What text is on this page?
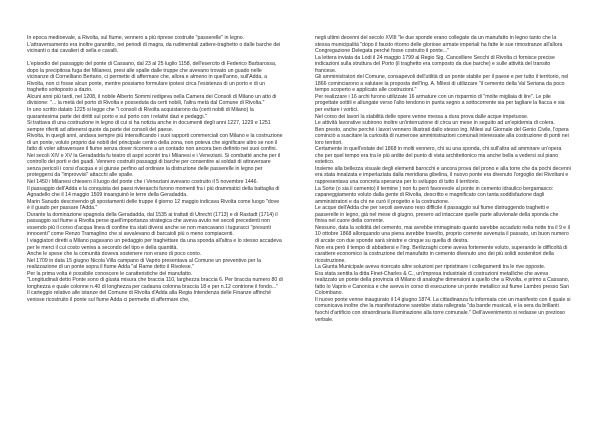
In epoca medioevale, a Rivolta, sul fiume, vennero a più riprese costruite "passerelle" in legno. L'attraversamento era inoltre garantito, nei periodi di magra, da rudimentali zattere-traghetto o dalle barche dei vicinanti o dai cavalieri di sella e cavalli.

L'episodio del passaggio del ponte di Cassano, dal 23 al 25 luglio 1158, dell'esercito di Federico Barbarossa, dopo la precipitosa fuga dei Milanesi, presi alle spalle dalle truppe che avevano trovato un guado nelle vicinanze di Cornelliano Bertario, ci permette di affermare che, allora e almeno in quell'anno, sull'Adda, a Rivolta, non ci fosse alcun ponte, mentre possiamo formulare ipotesi circa l'esistenza di un porto e di un traghetto sottoposto a dazio.

Alcuni anni più tardi, nel 1208, il nobile Alberto Sommi redigeva nella Camera dei Consoli di Milano un atto di divisione: "... la metà del porto di Rivolta e posseduta da certi nobili, l'altra metà dal Comune di Rivolta."

In uno scritto datato 1225 si legge che "i consoli di Rivolta acquistarono da (certi nobili di Milano) la quarantesima parte dei diritti sul porto e sul porto con i relativi dazi e pedaggi."

Si trattava di una costruzione in legno di cui si ha notizia anche in documenti degli anni 1227, 1229 e 1251 sempre riferiti ad attenersi quote da parte dei consoli del paese.

Rivolta, in quegli anni, andava sempre più intensificando i suoi rapporti commerciali con Milano e la costruzione di un ponte, voluto proprio dai nobili del principale centro della zona, non poteva che significare altro se non il fatto di voler attraversare il fiume senza dover ricorrere a un contado non ancora ben definito nei suoi confini.

Nei secoli XIV e XV la Geradadda fu teatro di aspri scontri tra i Milanesi e i Veneziani. Si combatté anche per il controllo dei porti e dei guadi. Vennero costruiti passaggi di barche per consentire ai soldati di attraversare senza pericoli i corsi d'acqua e si giunse perfino ad ordinare la distruzione delle passerelle in legno per proteggersi da "improvvisi" attacchi alle spalle.

Nel 1450 i Milanesi chiesero il luogo del ponte che i Veneziani avevano costruito il 5 novembre 1446.

Il passaggio dell'Adda e la conquista dei paesi rivieraschi furono momenti fra i più drammatici della battaglia di Agnadello che il 14 maggio 1509 insanguinò le terre della Geradadda.

Marin Sanudo descrivendo gli spostamenti delle truppe il giorno 12 maggio indicava Rivolta come luogo "dove è il guado per passare l'Adda."

Durante la dominazione spagnola della Geradadda, dal 1535 ai trattati di Utrecht (1713) e di Rastadt (1714) il passaggio sul fiume a Rivolta perse quell'importanza strategica che aveva avuto nei secoli precedenti non essendo più il corso d'acqua linea di confine tra stati diversi anche se non mancavano i tuguracci "presunti innocenti" come Renzo Tramaglino che si avvalevano di barcaioli più o meno compiacenti.

I viaggiatori diretti a Milano pagavano un pedaggio per traghettare da una sponda all'altra e lo stesso accadeva per le merci il cui costo veniva a secondo del tipo e della quantità.

Anche le spese che la comunità doveva sostenere non erano di poco conto.

Nel 1709 in data 15 giugno Nicola Villa campano di Vaprio presentava al Comune un preventivo per la realizzazione di un ponte sopra il fiume Adda "al Rame detto il Rivolese."

Per la prima volta è possibile conoscere le caratteristiche del manufatto.

"Longitudinali detto Ponte sono di giusta misura che braccia 110, larghezza braccia 6. Per braccia numero 80 di longhezza e quale colonne n.40 di longhezza per cadauna colonna braccia 18 e per n.12 contrione il fondo..."

Il carteggio relativo alle istanze del Comune di Rivolta d'Adda alla Regia Intendenza delle Finanze affinché venisse ricostruito il ponte sul fiume Adda ci permette di affermare che,

negli ultimi decenni del secolo XVIII "le due sponde erano collegate da un manufatto in legno tanto che la stessa municipalità "dopo il fausto ritorno delle gloriose armate imperiali ha fatte le sue rimostranze all'allora Congregazione Delegata perché fosse costruito il ponte..."

La lettera inviata da Lodi il 24 maggio 1799 al Regio Sig. Cancelliere Secchi di Rivolta ci fornisce precise indicazioni sulla struttura del Porto (il traghetto era composto da due barche) e sulle attività del transito francese.

Gli amministratori del Comune, consapevoli dell'utilità di un ponte stabile per il paese e per tutto il territorio, nel 1866 cominciarono a valutare la proposta dell'Ing. A. Milesi di utilizzare "il cemento della Val Seriana da poco tempo scoperto e applicato alle costruzioni."

Per realizzare i 16 archi furono utilizzate 16 armature con un risparmio di "molte migliaia di lire". Le pile progettate sottili e allungate verso l'alto tendono in punta segno a sottocorrente sia per tagliare la fiacca e sia per evitare i vortici.

Nel corso dei lavori la stabilità delle opere venne messa a dura prova dalle acque impetuose.

Le attività lavorative subirono inoltre un'interruzione di circa un mese in seguito ad un'epidemia di colera.

Ben presto, anche perché i lavori vennero illustrati dallo stesso ing. Milesi sul Giornale del Genio Civile, l'opera cominciò a suscitare la curiosità di numerose amministrazioni comunali interessate alla costruzione di ponti nei loro territori.

Certamente in quell'estate del 1868 in molti vennero, chi su una sponda, chi sull'altra ad ammirare un'opera che per quel tempo era tra le più ardite del punto di vista architettonico ma anche bella a vedersi sul piano estetico.

Insieme alla bellezza visuale degli elementi barocchi e ancora prova del prono e alla torre che da pochi decenni era stata innalzata e imperlaziata dalla meridiana gibelina, il nuovo ponte era divenuto l'orgoglio dei Rivoltani e rappresentava una concreta speranza per lo sviluppo di tutto il territorio.

La Sorte (o sia il cemento) il termine ) non fu però favorevole al ponte in cemento idraulico bergamasco: capaneggiamento voluto dalla gente di Rivolta, descritto e magnificato con tanta soddisfazione dagli amministratori e da chi ne curò il progetto e la costruzione.

Le acque dell'Adda che per secoli avevano reso difficile il passaggio sul fiume distruggendo traghetti e passerelle in legno, già nel mese di giugno, presero ad intaccare quelle parte alluvionale della sponda che finiva nel cuore della corrente.

Nessuno, data la solidità del cemento, mai avrebbe immaginato quanto sarebbe accaduto nella notte tra il 9 e il 10 ottobre 1868 allorquando una piena avrebbe travolto, proprio corrente avvenuta il passato, un buon numero di arcate con due sponde sarà sinistre e cinque su quella di destra.

Non era però il tempo di abbattersi e l'ing. Berlizzaghi come aveva fortemente voluto, superando le difficoltà di carattere economico la costruzione del manufatto in cemento divenuto uno dei più solidi sostenitori della ricostruzione.

La Giunta Municipale aveva ricercato altre soluzioni per ripristinare i collegamenti tra le rive opposte.

Era stata sentita la ditta Finet-Charles & C., un'impresa industriale di costruzioni metalliche che aveva realizzato un ponte della provincia di Milano di analoghe dimensioni a quello che a Rivolta, e primo a Cassano, fatto lo Vaprio e Canonica e che aveva in corso di esecuzione un ponte metallico sul fiume Lambro presso San Colombano.

Il nuovo ponte venne inaugurato il 14 giugno 1874. La cittadinanza fu informata con un manifesto con il quale si comunicava inoltre che la manifestazione sarebbe stata rallegrata "da bande musicali, e la sera da brillanti fuochi d'artificio con straordinaria illuminazione alla torre comunale." Dell'avvenimento si redasse un prezioso verbale.
